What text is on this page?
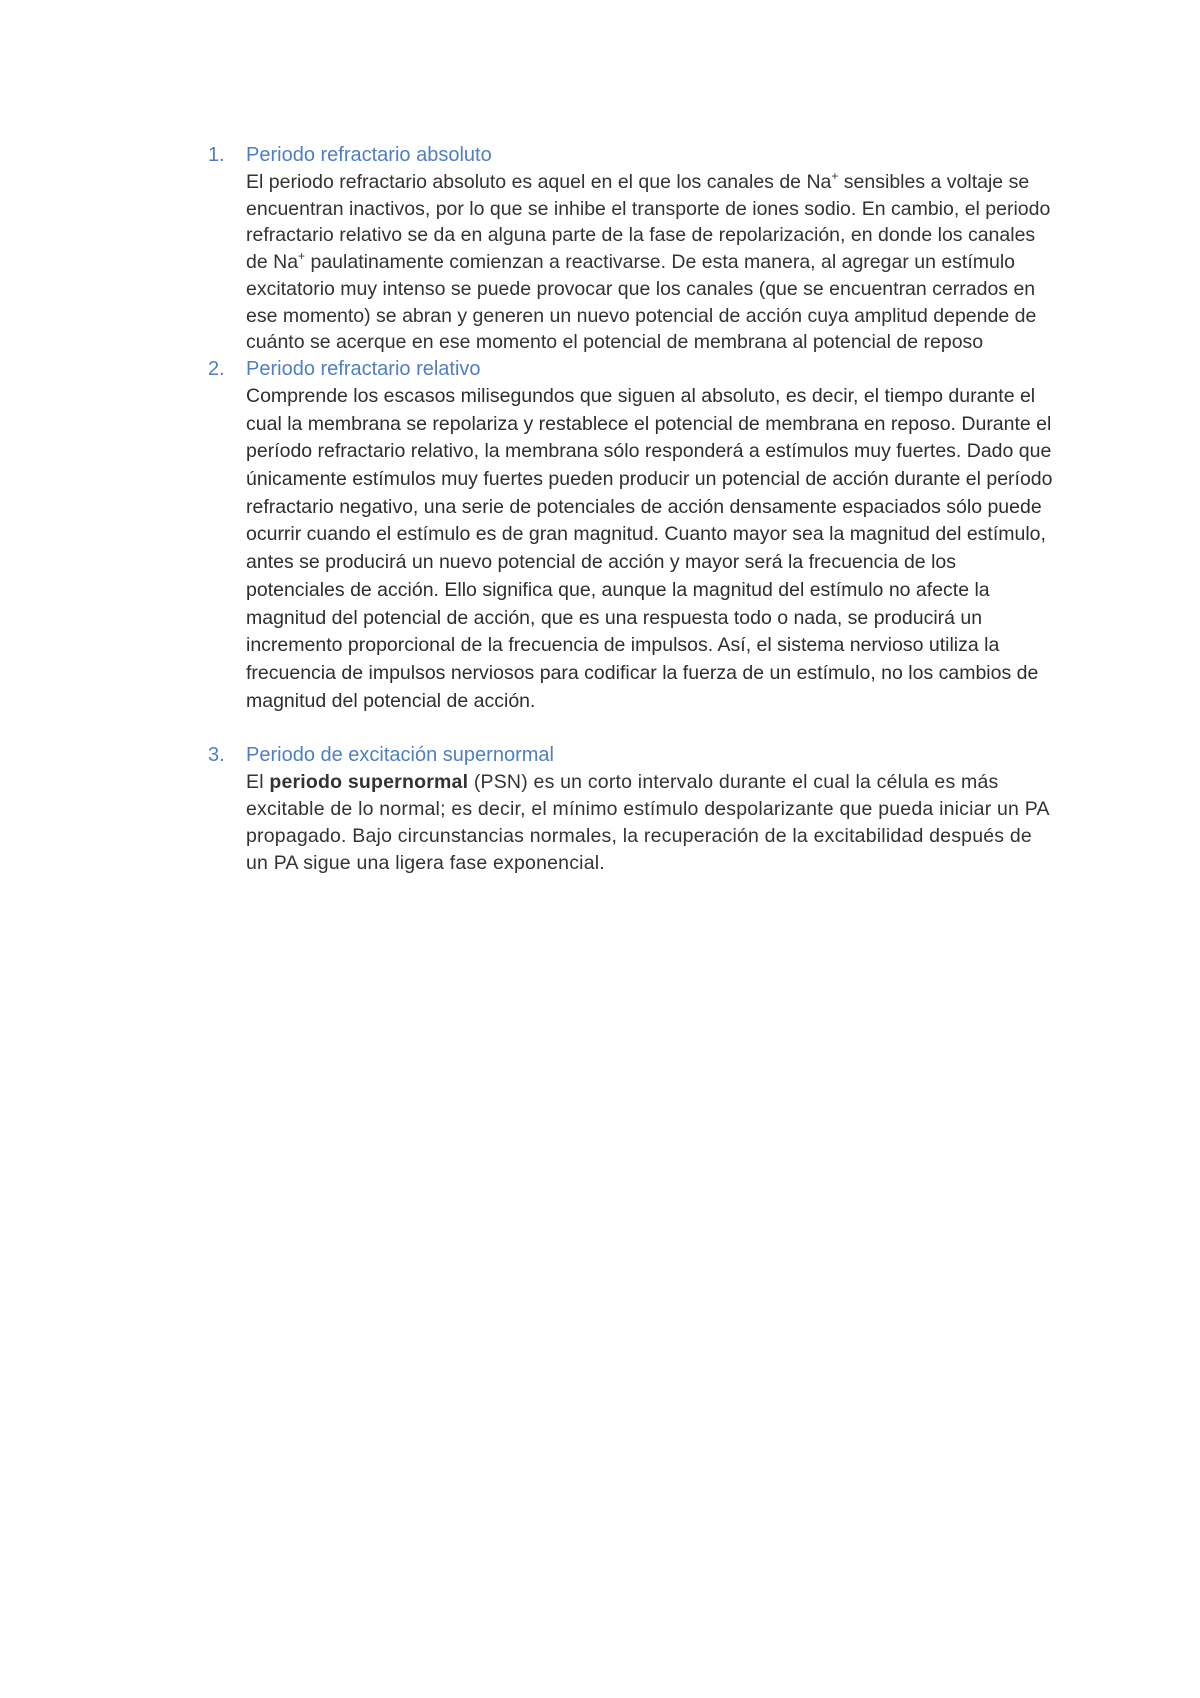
1. Periodo refractario absoluto

El periodo refractario absoluto es aquel en el que los canales de Na+ sensibles a voltaje se encuentran inactivos, por lo que se inhibe el transporte de iones sodio. En cambio, el periodo refractario relativo se da en alguna parte de la fase de repolarización, en donde los canales de Na+ paulatinamente comienzan a reactivarse. De esta manera, al agregar un estímulo excitatorio muy intenso se puede provocar que los canales (que se encuentran cerrados en ese momento) se abran y generen un nuevo potencial de acción cuya amplitud depende de cuánto se acerque en ese momento el potencial de membrana al potencial de reposo

2. Periodo refractario relativo

Comprende los escasos milisegundos que siguen al absoluto, es decir, el tiempo durante el cual la membrana se repolariza y restablece el potencial de membrana en reposo. Durante el período refractario relativo, la membrana sólo responderá a estímulos muy fuertes. Dado que únicamente estímulos muy fuertes pueden producir un potencial de acción durante el período refractario negativo, una serie de potenciales de acción densamente espaciados sólo puede ocurrir cuando el estímulo es de gran magnitud. Cuanto mayor sea la magnitud del estímulo, antes se producirá un nuevo potencial de acción y mayor será la frecuencia de los potenciales de acción. Ello significa que, aunque la magnitud del estímulo no afecte la magnitud del potencial de acción, que es una respuesta todo o nada, se producirá un incremento proporcional de la frecuencia de impulsos. Así, el sistema nervioso utiliza la frecuencia de impulsos nerviosos para codificar la fuerza de un estímulo, no los cambios de magnitud del potencial de acción.

3. Periodo de excitación supernormal

El periodo supernormal (PSN) es un corto intervalo durante el cual la célula es más excitable de lo normal; es decir, el mínimo estímulo despolarizante que pueda iniciar un PA propagado. Bajo circunstancias normales, la recuperación de la excitabilidad después de un PA sigue una ligera fase exponencial.
